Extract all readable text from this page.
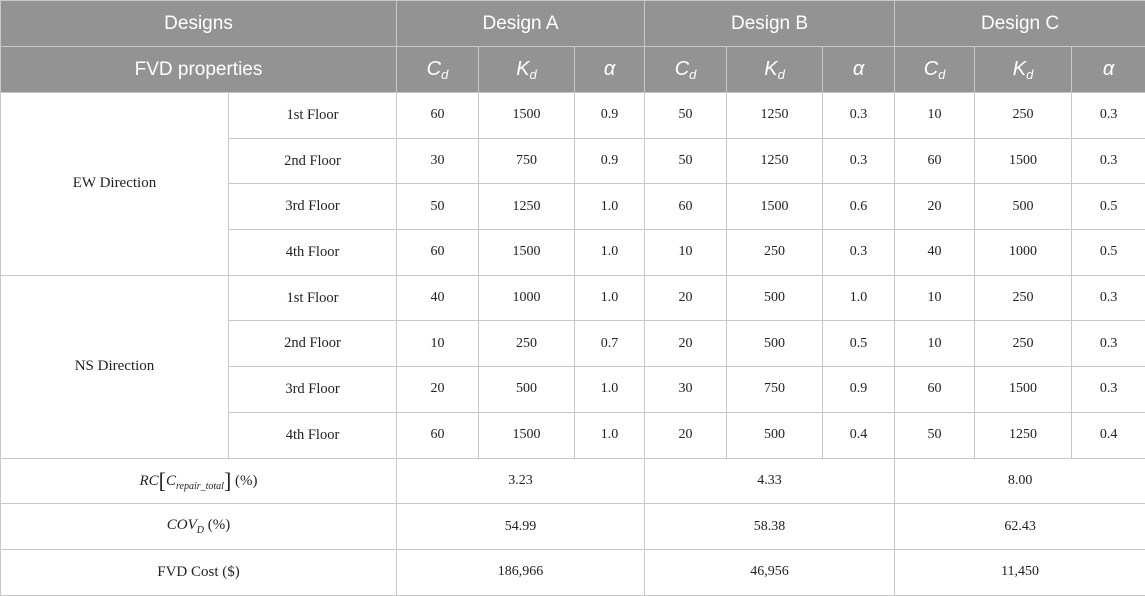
Designs		Design A			Design B			Design C		
FVD properties		$C_d$	$K_d$	α	$C_d$	$K_d$	α	$C_d$	$K_d$	α
EW Direction	1st Floor	60	1500	0.9	50	1250	0.3	10	250	0.3
	2nd Floor	30	750	0.9	50	1250	0.3	60	1500	0.3
	3rd Floor	50	1250	1.0	60	1500	0.6	20	500	0.5
	4th Floor	60	1500	1.0	10	250	0.3	40	1000	0.5
NS Direction	1st Floor	40	1000	1.0	20	500	1.0	10	250	0.3
	2nd Floor	10	250	0.7	20	500	0.5	10	250	0.3
	3rd Floor	20	500	1.0	30	750	0.9	60	1500	0.3
	4th Floor	60	1500	1.0	20	500	0.4	50	1250	0.4
$RC[C_{repair\_total}]$ (%)		3.23			4.33			8.00		
$COV_D$ (%)		54.99			58.38			62.43		
FVD Cost ($)		186,966			46,956			11,450		
